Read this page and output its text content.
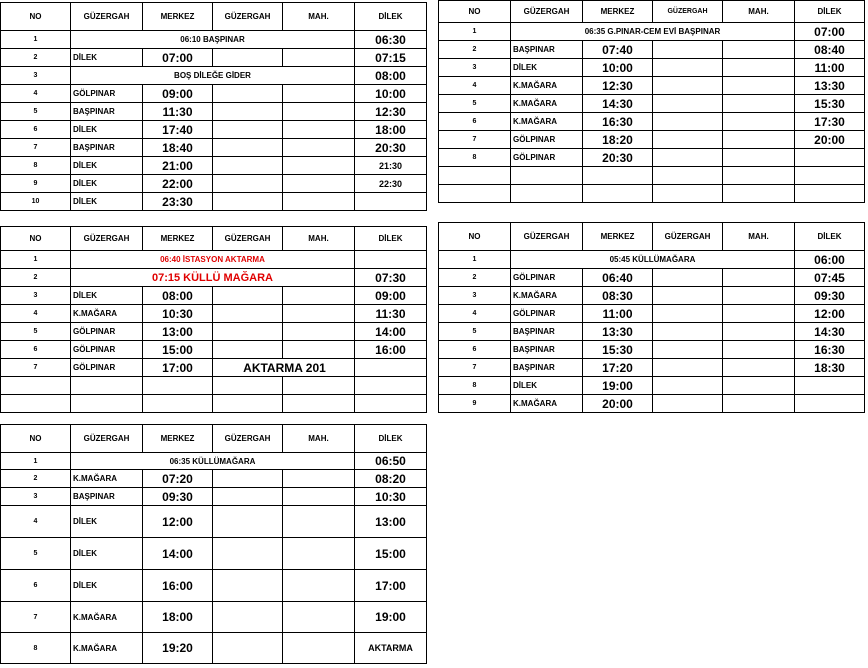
NO	GÜZERGAH	MERKEZ	GÜZERGAH	MAH.	DİLEK
1	06:10 BAŞPINAR				06:30
2	DİLEK	07:00			07:15
3	BOŞ DİLEĞE GİDER				08:00
4	GÖLPINAR	09:00			10:00
5	BAŞPINAR	11:30			12:30
6	DİLEK	17:40			18:00
7	BAŞPINAR	18:40			20:30
8	DİLEK	21:00			21:30
9	DİLEK	22:00			22:30
10	DİLEK	23:30			
NO	GÜZERGAH	MERKEZ	GÜZERGAH	MAH.	DİLEK
1	06:35 G.PINAR-CEM EVİ BAŞPINAR				07:00
2	BAŞPINAR	07:40			08:40
3	DİLEK	10:00			11:00
4	K.MAĞARA	12:30			13:30
5	K.MAĞARA	14:30			15:30
6	K.MAĞARA	16:30			17:30
7	GÖLPINAR	18:20			20:00
8	GÖLPINAR	20:30			

NO	GÜZERGAH	MERKEZ	GÜZERGAH	MAH.	DİLEK
1	06:40 İSTASYON AKTARMA				
2	07:15 KÜLLÜ MAĞARA				07:30
3	DİLEK	08:00			09:00
4	K.MAĞARA	10:30			11:30
5	GÖLPINAR	13:00			14:00
6	GÖLPINAR	15:00			16:00
7	GÖLPINAR	17:00	AKTARMA 201		

NO	GÜZERGAH	MERKEZ	GÜZERGAH	MAH.	DİLEK
1	05:45 KÜLLÜMAĞARA				06:00
2	GÖLPINAR	06:40			07:45
3	K.MAĞARA	08:30			09:30
4	GÖLPINAR	11:00			12:00
5	BAŞPINAR	13:30			14:30
6	BAŞPINAR	15:30			16:30
7	BAŞPINAR	17:20			18:30
8	DİLEK	19:00			
9	K.MAĞARA	20:00			
NO	GÜZERGAH	MERKEZ	GÜZERGAH	MAH.	DİLEK
1	06:35 KÜLLÜMAĞARA				06:50
2	K.MAĞARA	07:20			08:20
3	BAŞPINAR	09:30			10:30
4	DİLEK	12:00			13:00
5	DİLEK	14:00			15:00
6	DİLEK	16:00			17:00
7	K.MAĞARA	18:00			19:00
8	K.MAĞARA	19:20			AKTARMA
